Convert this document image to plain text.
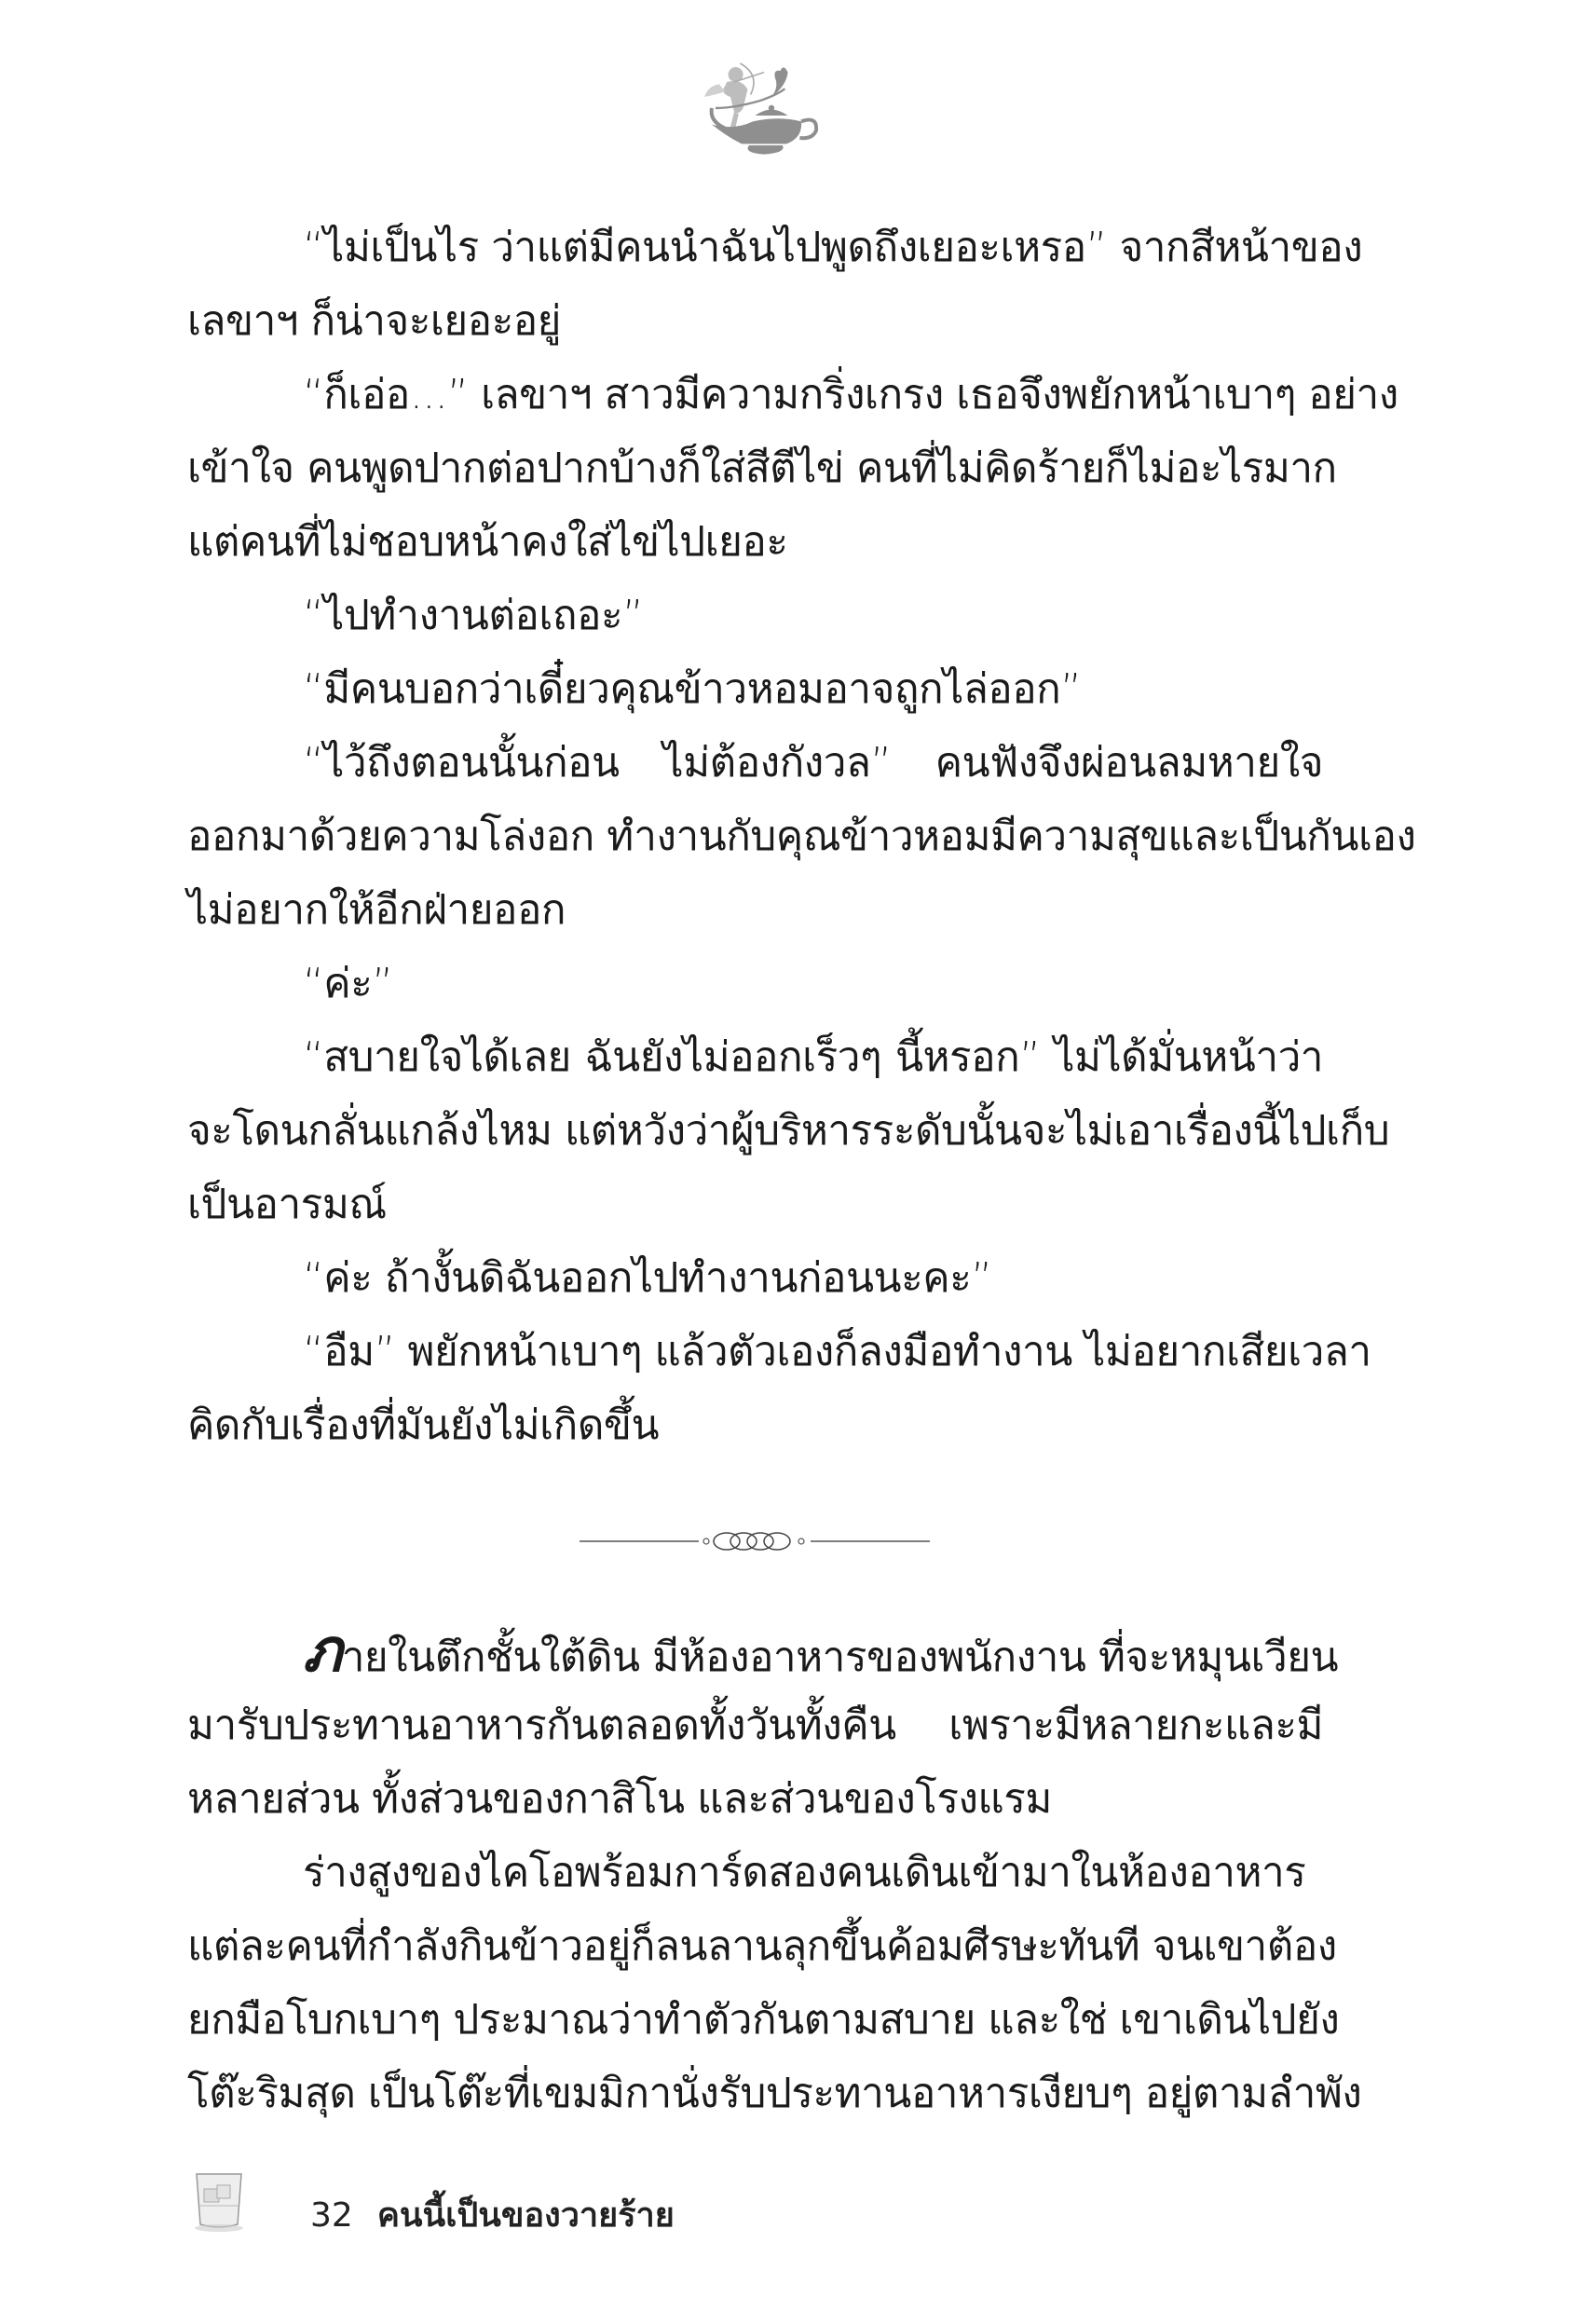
“ไม่เป็นไร ว่าแต่มีคนนำฉันไปพูดถึงเยอะเหรอ” จากสีหน้าของ
เลขาฯ ก็น่าจะเยอะอยู่
“ก็เอ่อ...” เลขาฯ สาวมีความกริ่งเกรง เธอจึงพยักหน้าเบาๆ อย่าง
เข้าใจ คนพูดปากต่อปากบ้างก็ใส่สีตีไข่ คนที่ไม่คิดร้ายก็ไม่อะไรมาก
แต่คนที่ไม่ชอบหน้าคงใส่ไข่ไปเยอะ
“ไปทำงานต่อเถอะ”
“มีคนบอกว่าเดี๋ยวคุณข้าวหอมอาจถูกไล่ออก”
“ไว้ถึงตอนนั้นก่อน ไม่ต้องกังวล” คนฟังจึงผ่อนลมหายใจ
ออกมาด้วยความโล่งอก ทำงานกับคุณข้าวหอมมีความสุขและเป็นกันเอง
ไม่อยากให้อีกฝ่ายออก
“ค่ะ”
“สบายใจได้เลย ฉันยังไม่ออกเร็วๆ นี้หรอก” ไม่ได้มั่นหน้าว่า
จะโดนกลั่นแกล้งไหม แต่หวังว่าผู้บริหารระดับนั้นจะไม่เอาเรื่องนี้ไปเก็บ
เป็นอารมณ์
“ค่ะ ถ้างั้นดิฉันออกไปทำงานก่อนนะคะ”
“อืม” พยักหน้าเบาๆ แล้วตัวเองก็ลงมือทำงาน ไม่อยากเสียเวลา
คิดกับเรื่องที่มันยังไม่เกิดขึ้น
ภายในตึกชั้นใต้ดิน มีห้องอาหารของพนักงาน ที่จะหมุนเวียน
มารับประทานอาหารกันตลอดทั้งวันทั้งคืน เพราะมีหลายกะและมี
หลายส่วน ทั้งส่วนของกาสิโน และส่วนของโรงแรม
ร่างสูงของไคโอพร้อมการ์ดสองคนเดินเข้ามาในห้องอาหาร
แต่ละคนที่กำลังกินข้าวอยู่ก็ลนลานลุกขึ้นค้อมศีรษะทันที จนเขาต้อง
ยกมือโบกเบาๆ ประมาณว่าทำตัวกันตามสบาย และใช่ เขาเดินไปยัง
โต๊ะริมสุด เป็นโต๊ะที่เขมมิกานั่งรับประทานอาหารเงียบๆ อยู่ตามลำพัง
32 คนนี้เป็นของวายร้าย
